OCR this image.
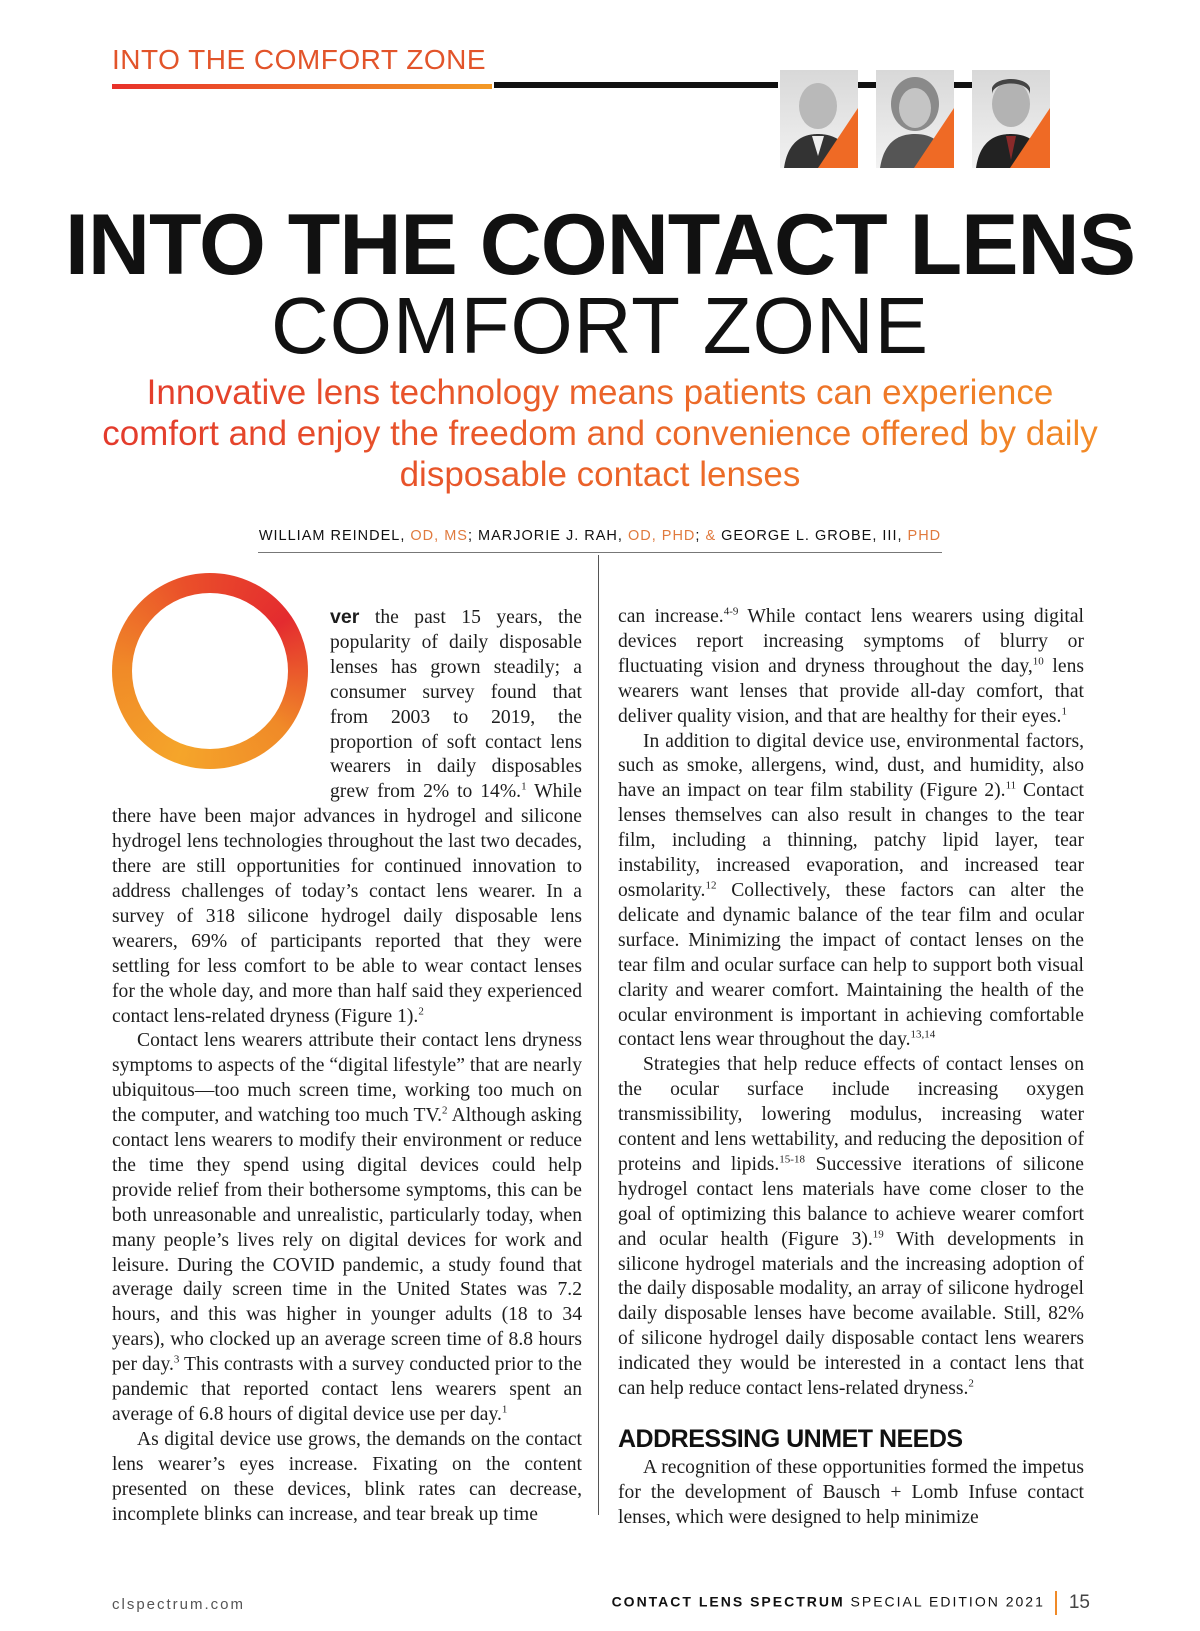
INTO THE COMFORT ZONE
INTO THE CONTACT LENS
COMFORT ZONE
Innovative lens technology means patients can experience comfort and enjoy the freedom and convenience offered by daily disposable contact lenses
WILLIAM REINDEL, OD, MS; MARJORIE J. RAH, OD, PHD; & GEORGE L. GROBE, III, PHD

ver the past 15 years, the popularity of daily disposable lenses has grown steadily; a consumer survey found that from 2003 to 2019, the proportion of soft contact lens wearers in daily disposables grew from 2% to 14%.$^1$ While there have been major advances in hydrogel and silicone hydrogel lens technologies throughout the last two decades, there are still opportunities for continued innovation to address challenges of today’s contact lens wearer. In a survey of 318 silicone hydrogel daily disposable lens wearers, 69% of participants reported that they were settling for less comfort to be able to wear contact lenses for the whole day, and more than half said they experienced contact lens-related dryness (Figure 1).$^2$

Contact lens wearers attribute their contact lens dryness symptoms to aspects of the “digital lifestyle” that are nearly ubiquitous—too much screen time, working too much on the computer, and watching too much TV.$^2$ Although asking contact lens wearers to modify their environment or reduce the time they spend using digital devices could help provide relief from their bothersome symptoms, this can be both unreasonable and unrealistic, particularly today, when many people’s lives rely on digital devices for work and leisure. During the COVID pandemic, a study found that average daily screen time in the United States was 7.2 hours, and this was higher in younger adults (18 to 34 years), who clocked up an average screen time of 8.8 hours per day.$^3$ This contrasts with a survey conducted prior to the pandemic that reported contact lens wearers spent an average of 6.8 hours of digital device use per day.$^1$

As digital device use grows, the demands on the contact lens wearer’s eyes increase. Fixating on the content presented on these devices, blink rates can decrease, incomplete blinks can increase, and tear break up time

can increase.$^{4-9}$ While contact lens wearers using digital devices report increasing symptoms of blurry or fluctuating vision and dryness throughout the day,$^{10}$ lens wearers want lenses that provide all-day comfort, that deliver quality vision, and that are healthy for their eyes.$^1$

In addition to digital device use, environmental factors, such as smoke, allergens, wind, dust, and humidity, also have an impact on tear film stability (Figure 2).$^{11}$ Contact lenses themselves can also result in changes to the tear film, including a thinning, patchy lipid layer, tear instability, increased evaporation, and increased tear osmolarity.$^{12}$ Collectively, these factors can alter the delicate and dynamic balance of the tear film and ocular surface. Minimizing the impact of contact lenses on the tear film and ocular surface can help to support both visual clarity and wearer comfort. Maintaining the health of the ocular environment is important in achieving comfortable contact lens wear throughout the day.$^{13,14}$

Strategies that help reduce effects of contact lenses on the ocular surface include increasing oxygen transmissibility, lowering modulus, increasing water content and lens wettability, and reducing the deposition of proteins and lipids.$^{15-18}$ Successive iterations of silicone hydrogel contact lens materials have come closer to the goal of optimizing this balance to achieve wearer comfort and ocular health (Figure 3).$^{19}$ With developments in silicone hydrogel materials and the increasing adoption of the daily disposable modality, an array of silicone hydrogel daily disposable lenses have become available. Still, 82% of silicone hydrogel daily disposable contact lens wearers indicated they would be interested in a contact lens that can help reduce contact lens-related dryness.$^2$

ADDRESSING UNMET NEEDS

A recognition of these opportunities formed the impetus for the development of Bausch + Lomb Infuse contact lenses, which were designed to help minimize

clspectrum.com	CONTACT LENS SPECTRUM SPECIAL EDITION 2021 15
